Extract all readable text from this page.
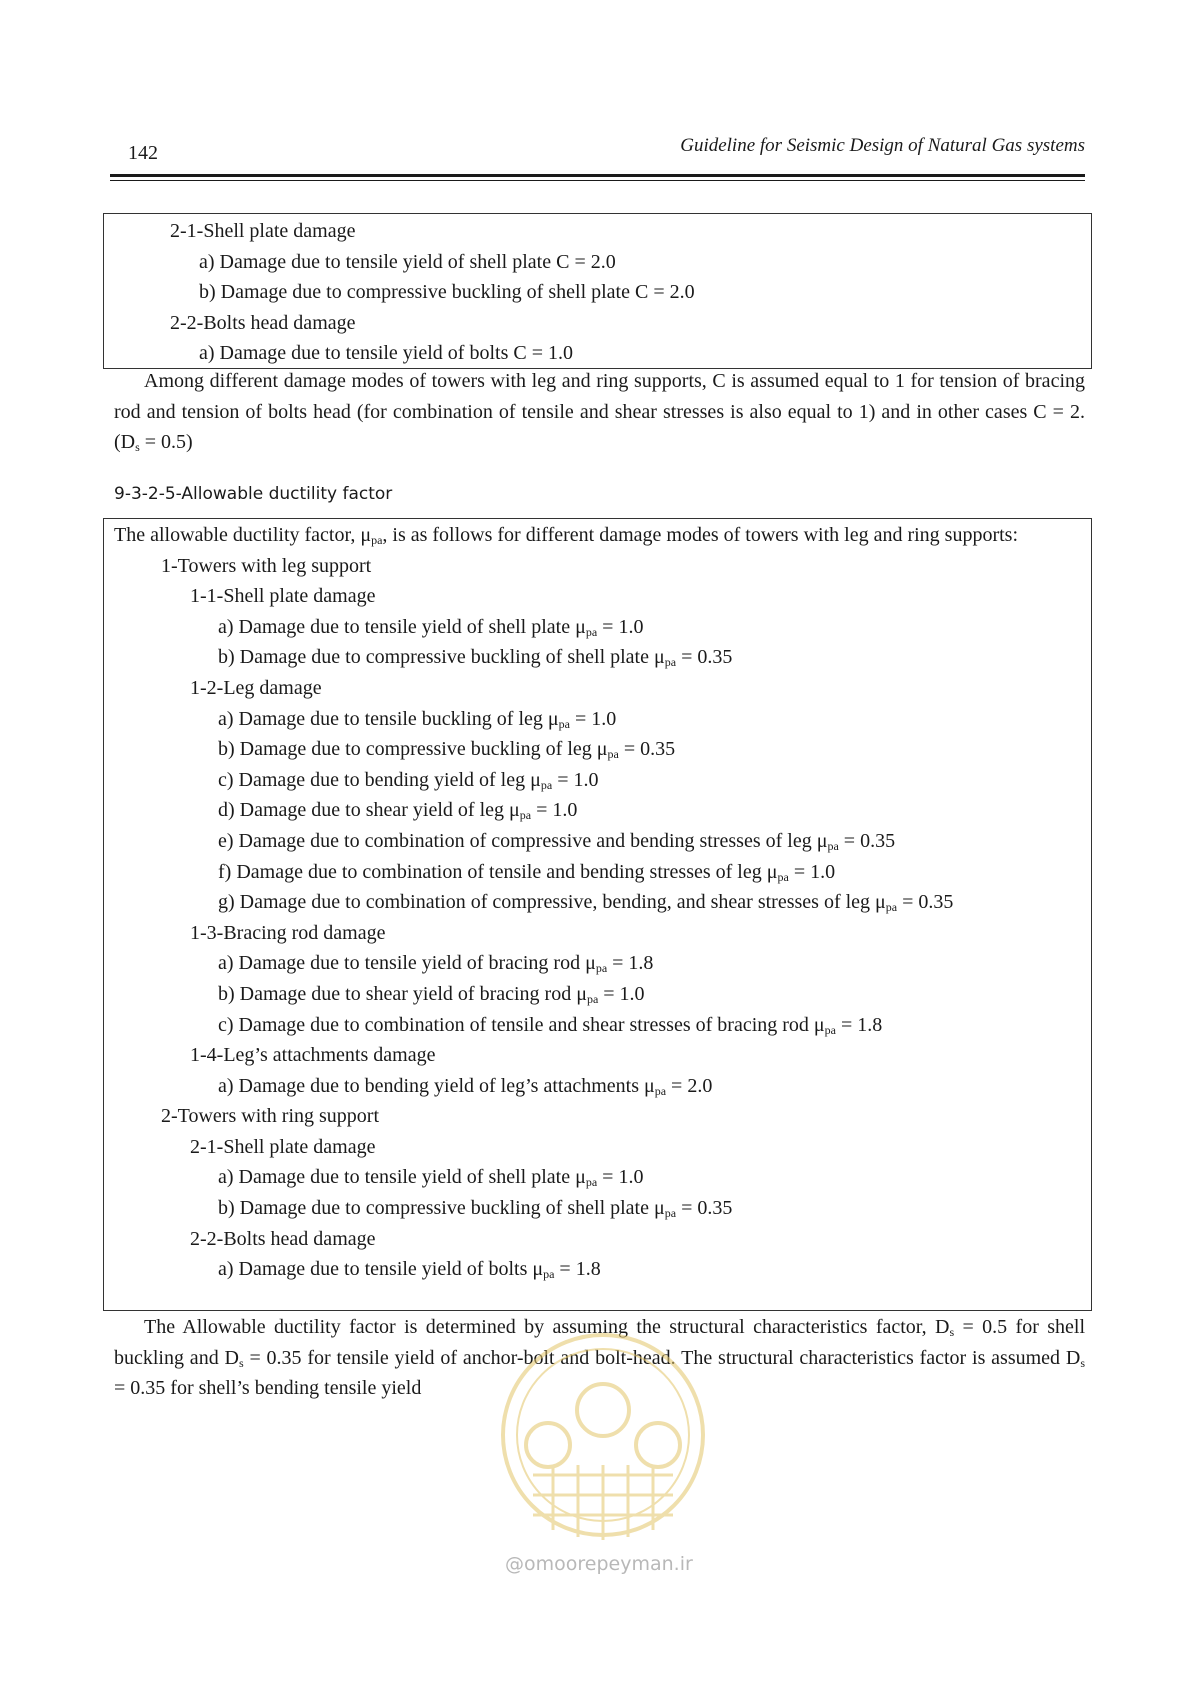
142	Guideline for Seismic Design of Natural Gas systems
2-1-Shell plate damage
a) Damage due to tensile yield of shell plate C = 2.0
b) Damage due to compressive buckling of shell plate C = 2.0
2-2-Bolts head damage
a) Damage due to tensile yield of bolts C = 1.0
Among different damage modes of towers with leg and ring supports, C is assumed equal to 1 for tension of bracing rod and tension of bolts head (for combination of tensile and shear stresses is also equal to 1) and in other cases C = 2. $(D_s = 0.5)$
9-3-2-5-Allowable ductility factor
The allowable ductility factor, $\mu_{pa}$, is as follows for different damage modes of towers with leg and ring supports:
1-Towers with leg support
1-1-Shell plate damage
a) Damage due to tensile yield of shell plate $\mu_{pa} = 1.0$
b) Damage due to compressive buckling of shell plate $\mu_{pa} = 0.35$
1-2-Leg damage
a) Damage due to tensile buckling of leg $\mu_{pa} = 1.0$
b) Damage due to compressive buckling of leg $\mu_{pa} = 0.35$
c) Damage due to bending yield of leg $\mu_{pa} = 1.0$
d) Damage due to shear yield of leg $\mu_{pa} = 1.0$
e) Damage due to combination of compressive and bending stresses of leg $\mu_{pa} = 0.35$
f) Damage due to combination of tensile and bending stresses of leg $\mu_{pa} = 1.0$
g) Damage due to combination of compressive, bending, and shear stresses of leg $\mu_{pa} = 0.35$
1-3-Bracing rod damage
a) Damage due to tensile yield of bracing rod $\mu_{pa} = 1.8$
b) Damage due to shear yield of bracing rod $\mu_{pa} = 1.0$
c) Damage due to combination of tensile and shear stresses of bracing rod $\mu_{pa} = 1.8$
1-4-Leg’s attachments damage
a) Damage due to bending yield of leg’s attachments $\mu_{pa} = 2.0$
2-Towers with ring support
2-1-Shell plate damage
a) Damage due to tensile yield of shell plate $\mu_{pa} = 1.0$
b) Damage due to compressive buckling of shell plate $\mu_{pa} = 0.35$
2-2-Bolts head damage
a) Damage due to tensile yield of bolts $\mu_{pa} = 1.8$
The Allowable ductility factor is determined by assuming the structural characteristics factor, $D_s = 0.5$ for shell buckling and $D_s = 0.35$ for tensile yield of anchor-bolt and bolt-head. The structural characteristics factor is assumed $D_s = 0.35$ for shell’s bending tensile yield
@omoorepeyman.ir
